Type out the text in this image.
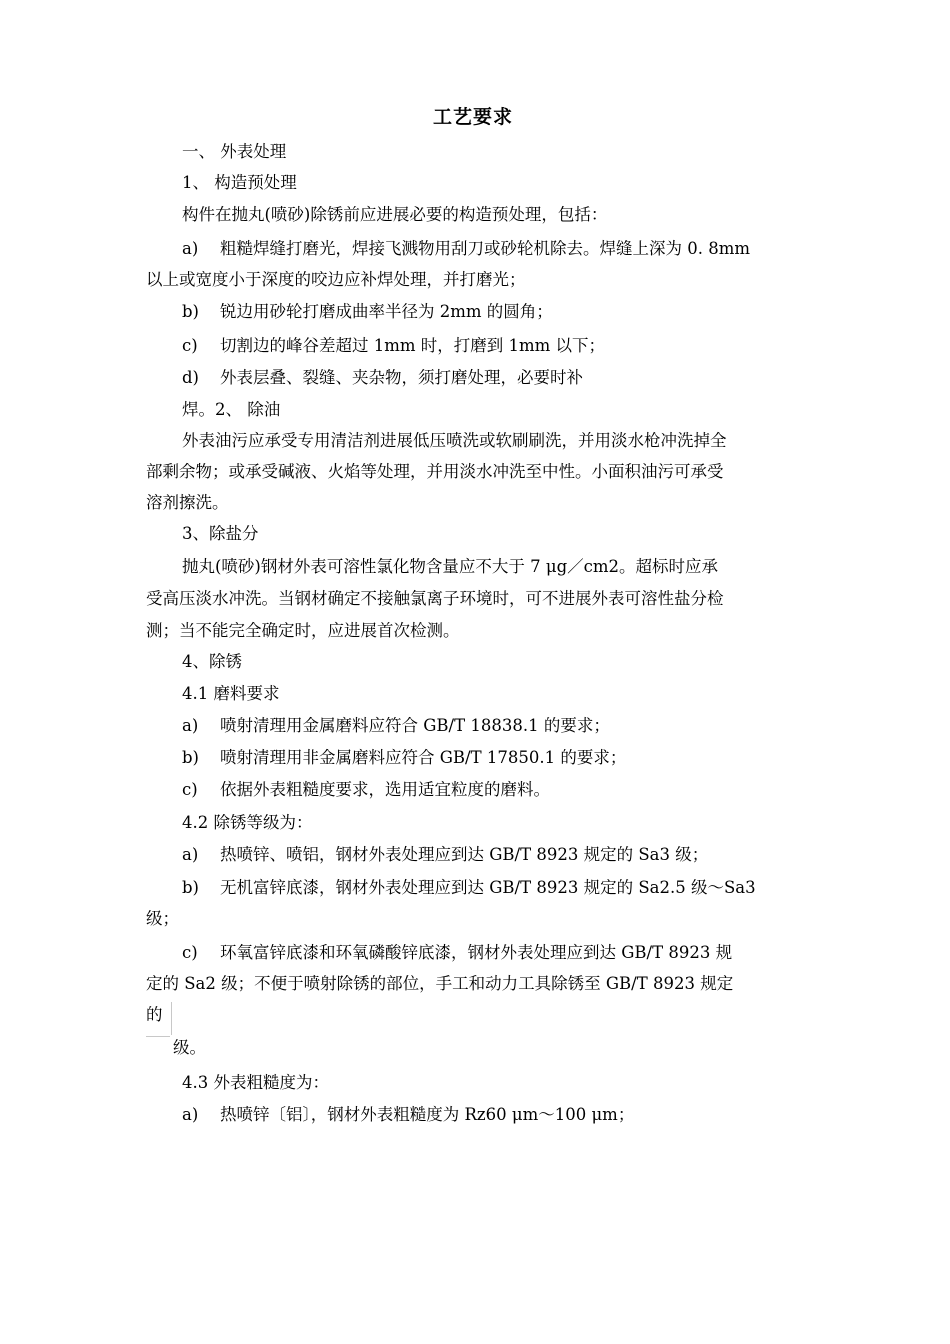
工艺要求
一、 外表处理
1、 构造预处理
构件在抛丸(喷砂)除锈前应进展必要的构造预处理，包括：
a) 粗糙焊缝打磨光，焊接飞溅物用刮刀或砂轮机除去。焊缝上深为 0. 8mm
以上或宽度小于深度的咬边应补焊处理，并打磨光；
b) 锐边用砂轮打磨成曲率半径为 2mm 的圆角；
c) 切割边的峰谷差超过 1mm 时，打磨到 1mm 以下；
d) 外表层叠、裂缝、夹杂物，须打磨处理，必要时补
焊。2、 除油
外表油污应承受专用清洁剂进展低压喷洗或软刷刷洗，并用淡水枪冲洗掉全
部剩余物；或承受碱液、火焰等处理，并用淡水冲洗至中性。小面积油污可承受
溶剂擦洗。
3、除盐分
抛丸(喷砂)钢材外表可溶性氯化物含量应不大于 7 μg／cm2。超标时应承
受高压淡水冲洗。当钢材确定不接触氯离子环境时，可不进展外表可溶性盐分检
测；当不能完全确定时，应进展首次检测。
4、除锈
4.1 磨料要求
a) 喷射清理用金属磨料应符合 GB/T 18838.1 的要求；
b) 喷射清理用非金属磨料应符合 GB/T 17850.1 的要求；
c) 依据外表粗糙度要求，选用适宜粒度的磨料。
4.2 除锈等级为：
a) 热喷锌、喷铝，钢材外表处理应到达 GB/T 8923 规定的 Sa3 级；
b) 无机富锌底漆，钢材外表处理应到达 GB/T 8923 规定的 Sa2.5 级～Sa3
级；
c) 环氧富锌底漆和环氧磷酸锌底漆，钢材外表处理应到达 GB/T 8923 规
定的 Sa2 级；不便于喷射除锈的部位，手工和动力工具除锈至 GB/T 8923 规定
的
级。
4.3 外表粗糙度为：
a) 热喷锌〔铝〕，钢材外表粗糙度为 Rz60 μm～100 μm；
